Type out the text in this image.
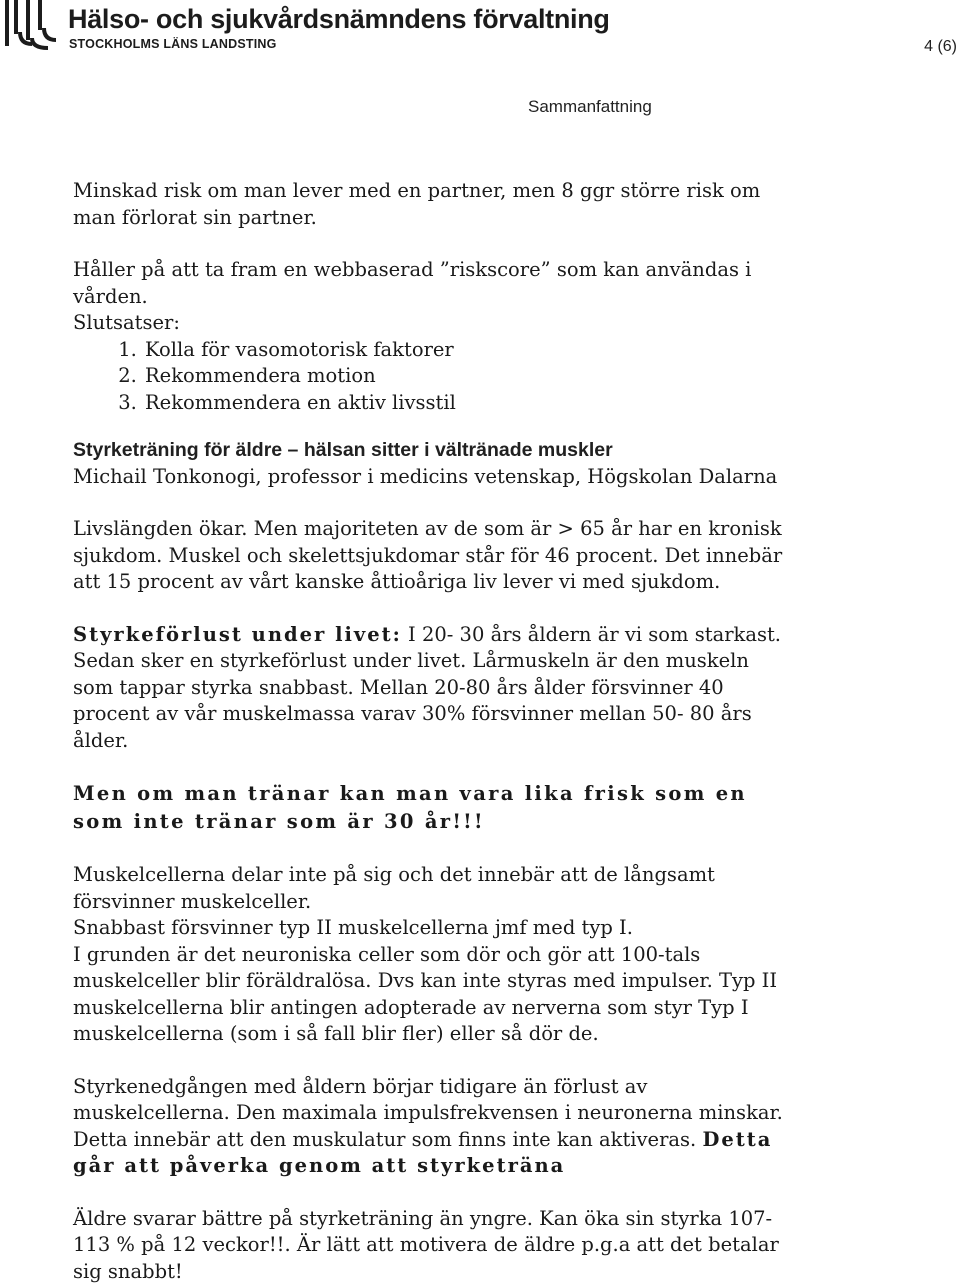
Hälso- och sjukvårdsnämndens förvaltning
STOCKHOLMS LÄNS LANDSTING	4 (6)
Sammanfattning

Minskad risk om man lever med en partner, men 8 ggr större risk om man förlorat sin partner.

Håller på att ta fram en webbaserad ”riskscore” som kan användas i vården.

Slutsatser:

1. Kolla för vasomotorisk faktorer
2. Rekommendera motion
3. Rekommendera en aktiv livsstil

Styrketräning för äldre – hälsan sitter i vältränade muskler

Michail Tonkonogi, professor i medicins vetenskap, Högskolan Dalarna

Livslängden ökar. Men majoriteten av de som är > 65 år har en kronisk sjukdom. Muskel och skelettsjukdomar står för 46 procent. Det innebär att 15 procent av vårt kanske åttioåriga liv lever vi med sjukdom.

Styrkeförlust under livet: I 20- 30 års åldern är vi som starkast. Sedan sker en styrkeförlust under livet. Lårmuskeln är den muskeln som tappar styrka snabbast. Mellan 20-80 års ålder försvinner 40 procent av vår muskelmassa varav 30% försvinner mellan 50- 80 års ålder.

Men om man tränar kan man vara lika frisk som en som inte tränar som är 30 år!!!

Muskelcellerna delar inte på sig och det innebär att de långsamt försvinner muskelceller.

Snabbast försvinner typ II muskelcellerna jmf med typ I.

I grunden är det neuroniska celler som dör och gör att 100-tals muskelceller blir föräldralösa. Dvs kan inte styras med impulser. Typ II muskelcellerna blir antingen adopterade av nerverna som styr Typ I muskelcellerna (som i så fall blir fler) eller så dör de.

Styrkenedgången med åldern börjar tidigare än förlust av muskelcellerna. Den maximala impulsfrekvensen i neuronerna minskar. Detta innebär att den muskulatur som finns inte kan aktiveras. Detta går att påverka genom att styrketräna

Äldre svarar bättre på styrketräning än yngre. Kan öka sin styrka 107-113 % på 12 veckor!!. Är lätt att motivera de äldre p.g.a att det betalar sig snabbt!
